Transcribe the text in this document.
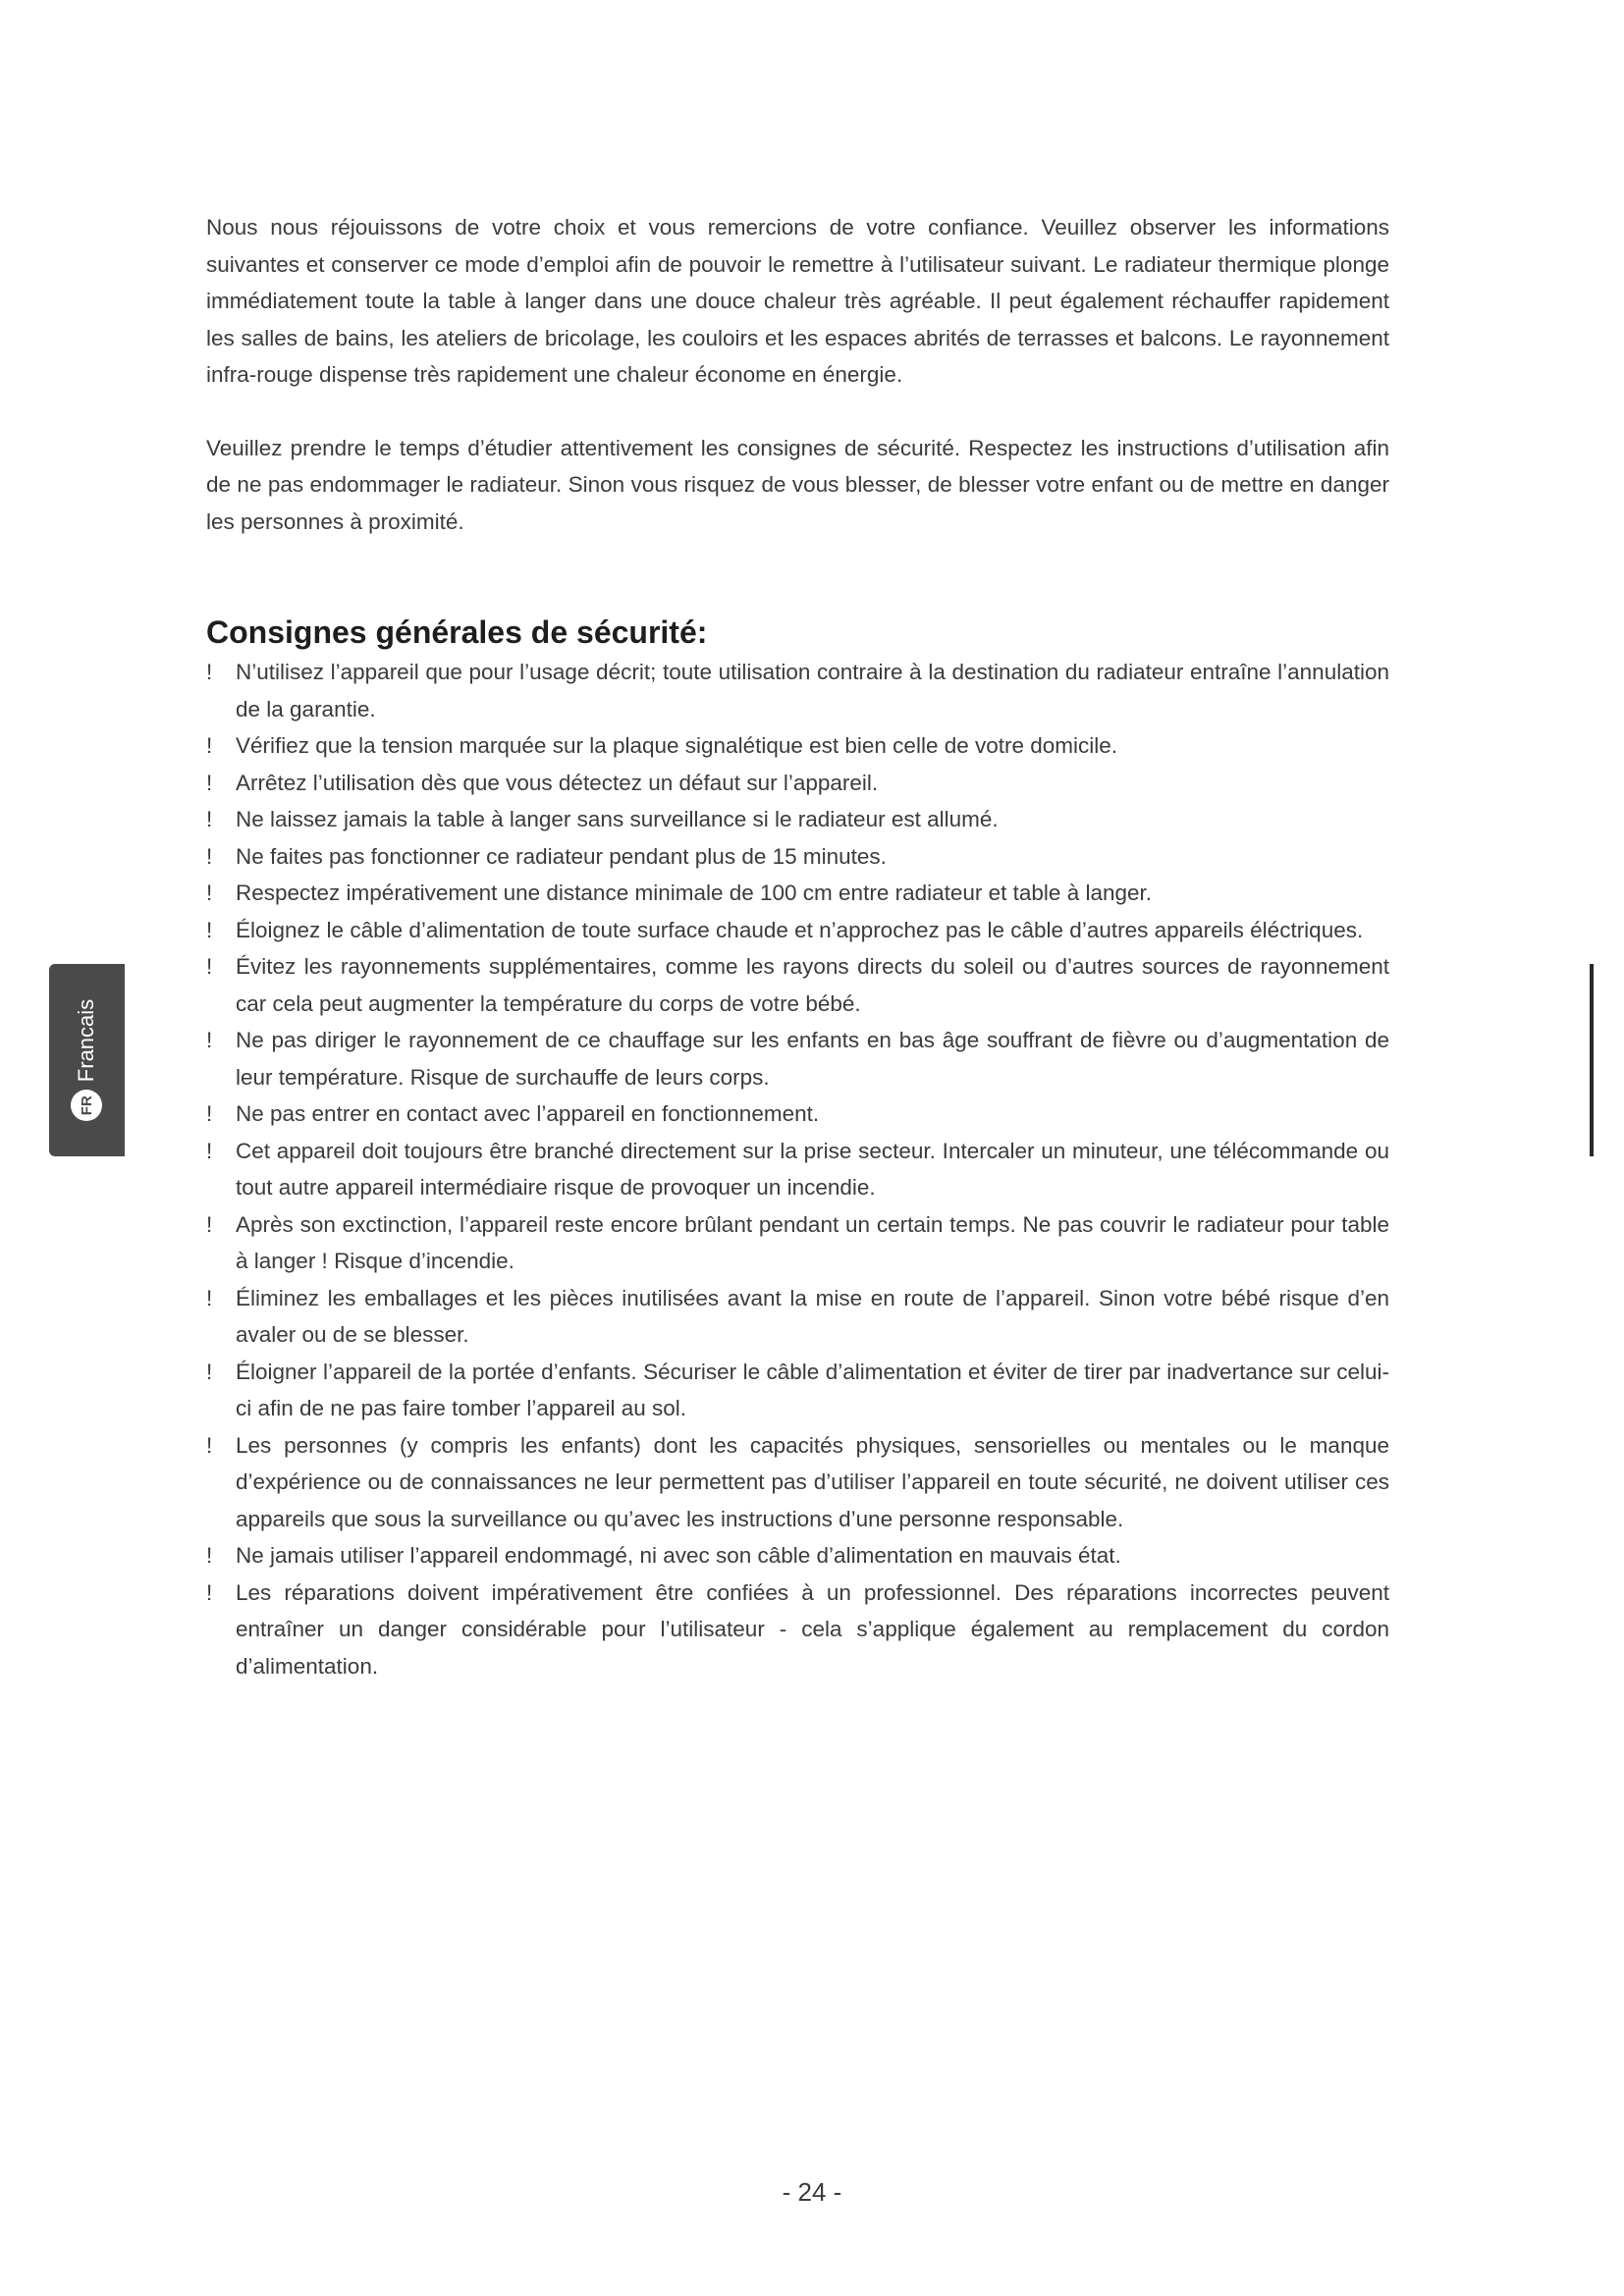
FR
Francais

Nous nous réjouissons de votre choix et vous remercions de votre confiance. Veuillez observer les informations suivantes et conserver ce mode d’emploi afin de pouvoir le remettre à l’utilisateur suivant. Le radiateur thermique plonge immédiatement toute la table à langer dans une douce chaleur très agréable. Il peut également réchauffer rapidement les salles de bains, les ateliers de bricolage, les couloirs et les espaces abrités de terrasses et balcons. Le rayonnement infra-rouge dispense très rapidement une chaleur économe en énergie.

Veuillez prendre le temps d’étudier attentivement les consignes de sécurité. Respectez les instructions d’utilisation afin de ne pas endommager le radiateur. Sinon vous risquez de vous blesser, de blesser votre enfant ou de mettre en danger les personnes à proximité.

Consignes générales de sécurité:
! N’utilisez l’appareil que pour l’usage décrit; toute utilisation contraire à la destination du radiateur entraîne l’annulation de la garantie.
! Vérifiez que la tension marquée sur la plaque signalétique est bien celle de votre domicile.
! Arrêtez l’utilisation dès que vous détectez un défaut sur l’appareil.
! Ne laissez jamais la table à langer sans surveillance si le radiateur est allumé.
! Ne faites pas fonctionner ce radiateur pendant plus de 15 minutes.
! Respectez impérativement une distance minimale de 100 cm entre radiateur et table à langer.
! Éloignez le câble d’alimentation de toute surface chaude et n’approchez pas le câble d’autres appareils éléctriques.
! Évitez les rayonnements supplémentaires, comme les rayons directs du soleil ou d’autres sources de rayonnement car cela peut augmenter la température du corps de votre bébé.
! Ne pas diriger le rayonnement de ce chauffage sur les enfants en bas âge souffrant de fièvre ou d’augmentation de leur température. Risque de surchauffe de leurs corps.
! Ne pas entrer en contact avec l’appareil en fonctionnement.
! Cet appareil doit toujours être branché directement sur la prise secteur. Intercaler un minuteur, une télécommande ou tout autre appareil intermédiaire risque de provoquer un incendie.
! Après son exctinction, l’appareil reste encore brûlant pendant un certain temps. Ne pas couvrir le radiateur pour table à langer ! Risque d’incendie.
! Éliminez les emballages et les pièces inutilisées avant la mise en route de l’appareil. Sinon votre bébé risque d’en avaler ou de se blesser.
! Éloigner l’appareil de la portée d’enfants. Sécuriser le câble d’alimentation et éviter de tirer par inadvertance sur celui-ci afin de ne pas faire tomber l’appareil au sol.
! Les personnes (y compris les enfants) dont les capacités physiques, sensorielles ou mentales ou le manque d’expérience ou de connaissances ne leur permettent pas d’utiliser l’appareil en toute sécurité, ne doivent utiliser ces appareils que sous la surveillance ou qu’avec les instructions d’une personne responsable.
! Ne jamais utiliser l’appareil endommagé, ni avec son câble d’alimentation en mauvais état.
! Les réparations doivent impérativement être confiées à un professionnel. Des réparations incorrectes peuvent entraîner un danger considérable pour l’utilisateur - cela s’applique également au remplacement du cordon d’alimentation.
- 24 -
